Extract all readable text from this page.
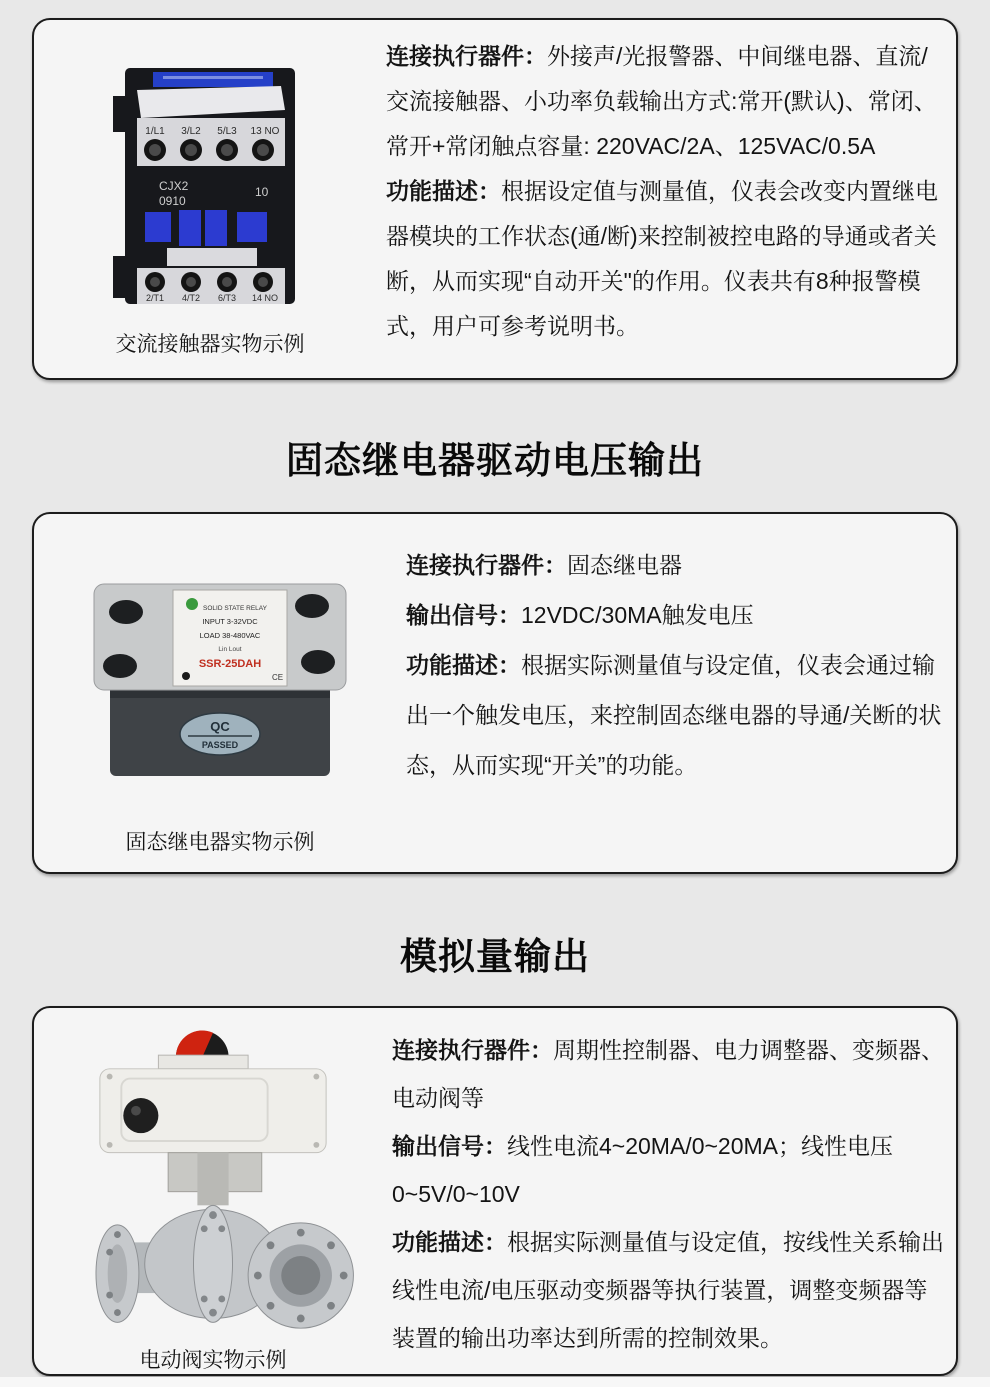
1/L1 3/L2 5/L3 13 NO
CJX2
0910
10
2/T1 4/T2 6/T3 14 NO
交流接触器实物示例

连接执行器件：外接声/光报警器、中间继电器、直流/交流接触器、小功率负载输出方式:常开(默认)、常闭、常开+常闭触点容量: 220VAC/2A、125VAC/0.5A

功能描述：根据设定值与测量值，仪表会改变内置继电器模块的工作状态(通/断)来控制被控电路的导通或者关断，从而实现“自动开关"的作用。仪表共有8种报警模式，用户可参考说明书。

固态继电器驱动电压输出
SOLID STATE RELAY
INPUT 3-32VDC
LOAD 38-480VAC
Lin Lout
SSR-25DAH
CE
QC
PASSED
固态继电器实物示例

连接执行器件：固态继电器

输出信号：12VDC/30MA触发电压

功能描述：根据实际测量值与设定值，仪表会通过输出一个触发电压，来控制固态继电器的导通/关断的状态，从而实现“开关”的功能。

模拟量输出
电动阀实物示例

连接执行器件：周期性控制器、电力调整器、变频器、电动阀等

输出信号：线性电流4~20MA/0~20MA；线性电压0~5V/0~10V

功能描述：根据实际测量值与设定值，按线性关系输出线性电流/电压驱动变频器等执行装置，调整变频器等装置的输出功率达到所需的控制效果。
